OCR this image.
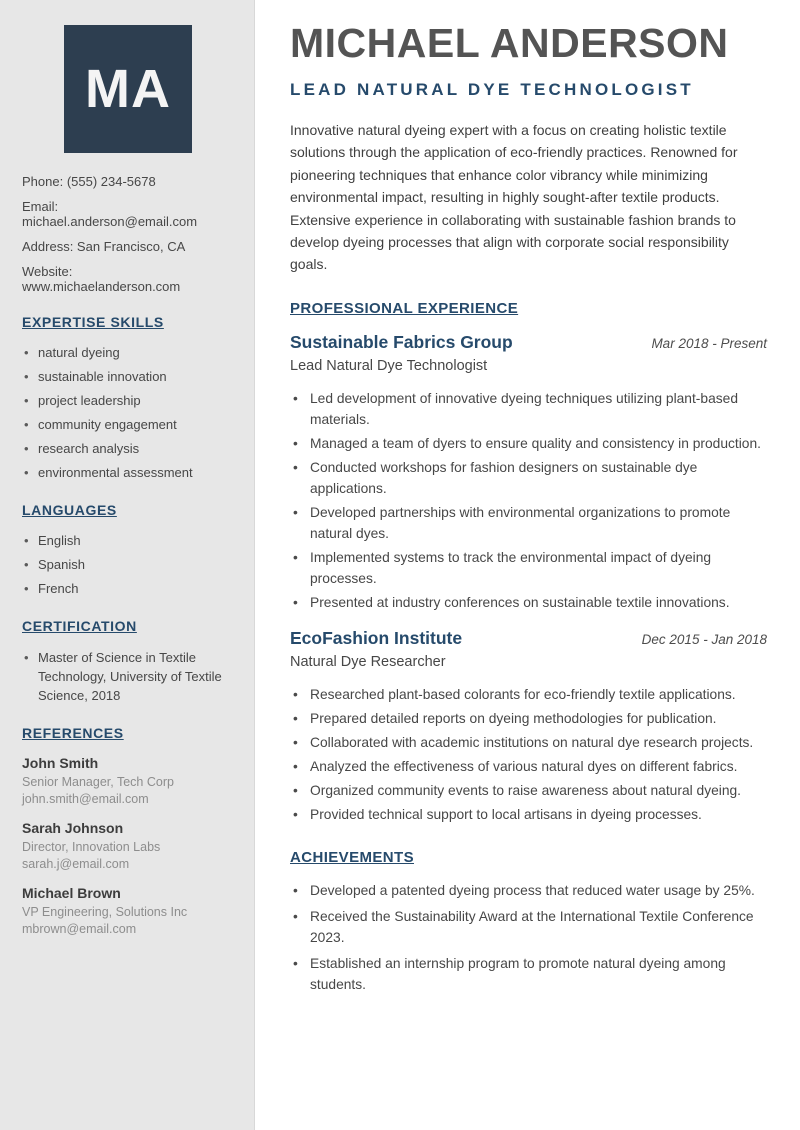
MA
Phone: (555) 234-5678
Email: michael.anderson@email.com
Address: San Francisco, CA
Website: www.michaelanderson.com
EXPERTISE SKILLS
• natural dyeing
• sustainable innovation
• project leadership
• community engagement
• research analysis
• environmental assessment
LANGUAGES
• English
• Spanish
• French
CERTIFICATION
• Master of Science in Textile Technology, University of Textile Science, 2018
REFERENCES
John Smith
Senior Manager, Tech Corp
john.smith@email.com
Sarah Johnson
Director, Innovation Labs
sarah.j@email.com
Michael Brown
VP Engineering, Solutions Inc
mbrown@email.com
MICHAEL ANDERSON
LEAD NATURAL DYE TECHNOLOGIST

Innovative natural dyeing expert with a focus on creating holistic textile solutions through the application of eco-friendly practices. Renowned for pioneering techniques that enhance color vibrancy while minimizing environmental impact, resulting in highly sought-after textile products. Extensive experience in collaborating with sustainable fashion brands to develop dyeing processes that align with corporate social responsibility goals.

PROFESSIONAL EXPERIENCE
Sustainable Fabrics Group	Mar 2018 - Present
Lead Natural Dye Technologist
• Led development of innovative dyeing techniques utilizing plant-based materials.
• Managed a team of dyers to ensure quality and consistency in production.
• Conducted workshops for fashion designers on sustainable dye applications.
• Developed partnerships with environmental organizations to promote natural dyes.
• Implemented systems to track the environmental impact of dyeing processes.
• Presented at industry conferences on sustainable textile innovations.
EcoFashion Institute	Dec 2015 - Jan 2018
Natural Dye Researcher
• Researched plant-based colorants for eco-friendly textile applications.
• Prepared detailed reports on dyeing methodologies for publication.
• Collaborated with academic institutions on natural dye research projects.
• Analyzed the effectiveness of various natural dyes on different fabrics.
• Organized community events to raise awareness about natural dyeing.
• Provided technical support to local artisans in dyeing processes.
ACHIEVEMENTS
• Developed a patented dyeing process that reduced water usage by 25%.
• Received the Sustainability Award at the International Textile Conference 2023.
• Established an internship program to promote natural dyeing among students.
